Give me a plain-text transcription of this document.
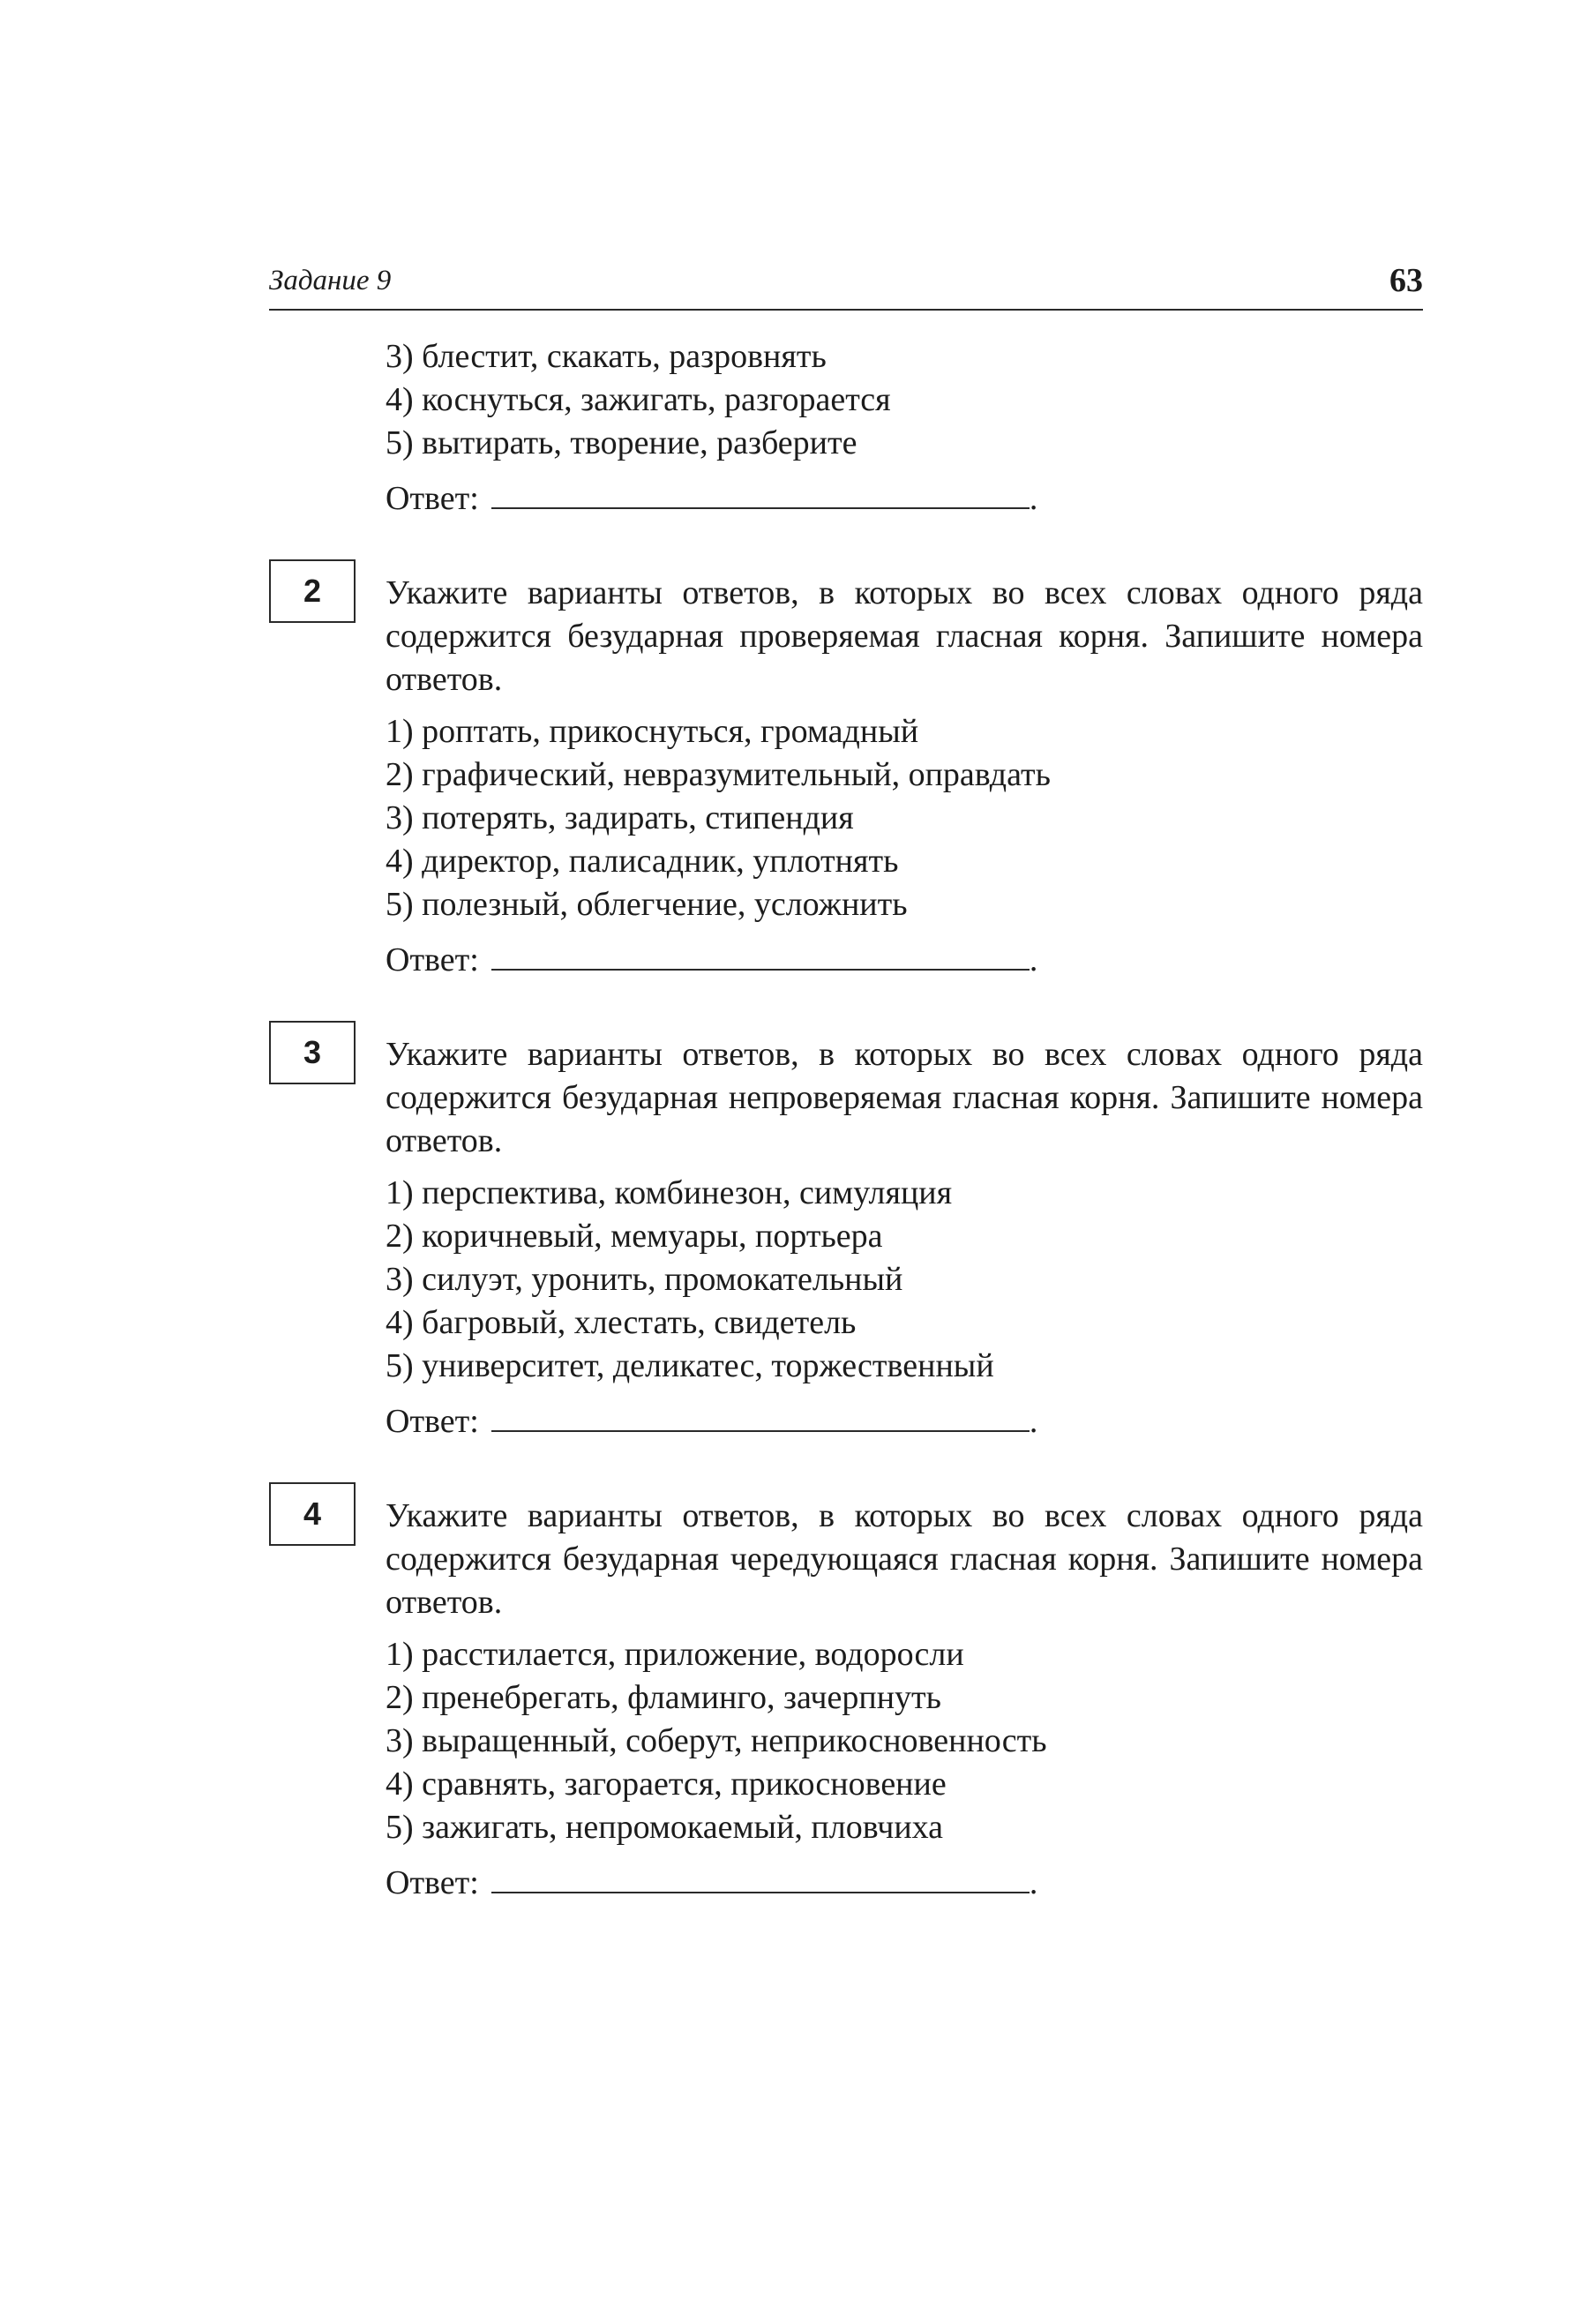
Задание 9	63
3) блестит, скакать, разровнять
4) коснуться, зажигать, разгорается
5) вытирать, творение, разберите
Ответ:	.
2	Укажите варианты ответов, в которых во всех словах одного ряда содержится безударная проверяемая гласная корня. Запишите номера ответов.
1) роптать, прикоснуться, громадный
2) графический, невразумительный, оправдать
3) потерять, задирать, стипендия
4) директор, палисадник, уплотнять
5) полезный, облегчение, усложнить
Ответ:	.
3	Укажите варианты ответов, в которых во всех словах одного ряда содержится безударная непроверяемая гласная корня. Запишите номера ответов.
1) перспектива, комбинезон, симуляция
2) коричневый, мемуары, портьера
3) силуэт, уронить, промокательный
4) багровый, хлестать, свидетель
5) университет, деликатес, торжественный
Ответ:	.
4	Укажите варианты ответов, в которых во всех словах одного ряда содержится безударная чередующаяся гласная корня. Запишите номера ответов.
1) расстилается, приложение, водоросли
2) пренебрегать, фламинго, зачерпнуть
3) выращенный, соберут, неприкосновенность
4) сравнять, загорается, прикосновение
5) зажигать, непромокаемый, пловчиха
Ответ:	.
